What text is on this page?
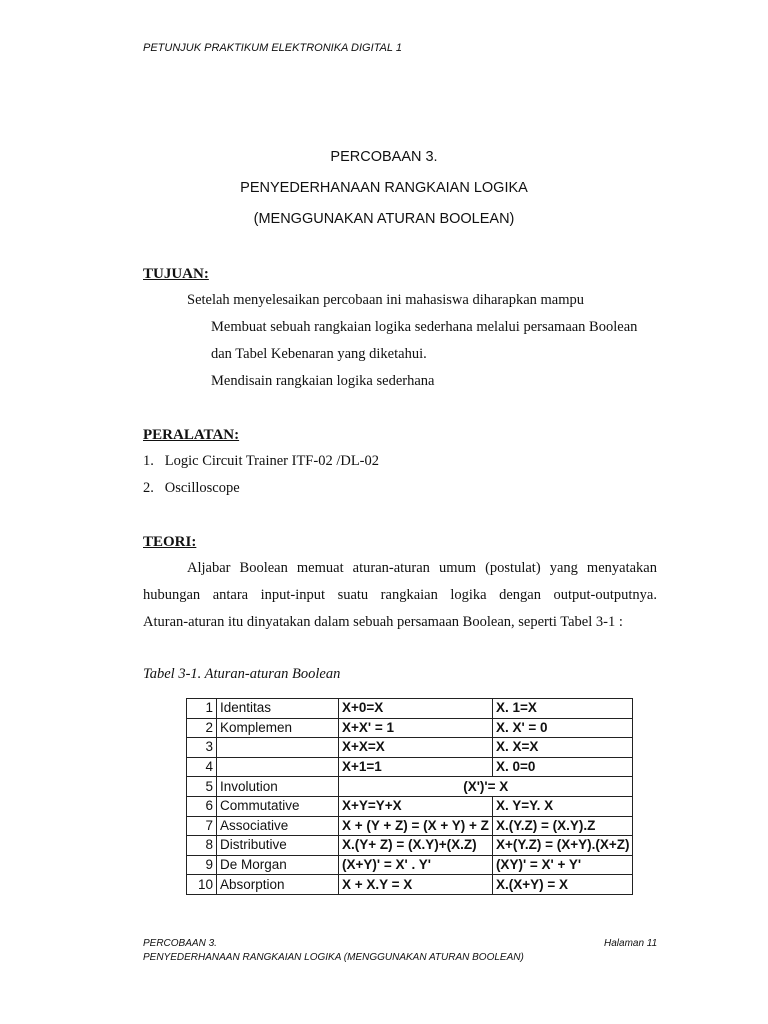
PETUNJUK PRAKTIKUM ELEKTRONIKA DIGITAL 1
PERCOBAAN 3.
PENYEDERHANAAN RANGKAIAN LOGIKA
(MENGGUNAKAN ATURAN BOOLEAN)
TUJUAN:
Setelah menyelesaikan percobaan ini mahasiswa diharapkan mampu
Membuat sebuah rangkaian logika sederhana melalui persamaan Boolean
dan Tabel Kebenaran yang diketahui.
Mendisain rangkaian logika sederhana
PERALATAN:
1.   Logic Circuit Trainer ITF-02 /DL-02
2.   Oscilloscope
TEORI:
Aljabar Boolean memuat aturan-aturan umum (postulat) yang menyatakan
hubungan antara input-input suatu rangkaian logika dengan output-outputnya.
Aturan-aturan itu dinyatakan dalam sebuah persamaan Boolean, seperti Tabel 3-1 :
Tabel 3-1. Aturan-aturan Boolean
1	Identitas	X+0=X	X. 1=X
2	Komplemen	X+X' = 1	X. X' = 0
3		X+X=X	X. X=X
4		X+1=1	X. 0=0
5	Involution	(X')'= X	
6	Commutative	X+Y=Y+X	X. Y=Y. X
7	Associative	X + (Y + Z) = (X + Y) + Z	X.(Y.Z) = (X.Y).Z
8	Distributive	X.(Y+ Z) = (X.Y)+(X.Z)	X+(Y.Z) = (X+Y).(X+Z)
9	De Morgan	(X+Y)' = X' . Y'	(XY)' = X' + Y'
10	Absorption	X + X.Y = X	X.(X+Y) = X
PERCOBAAN 3.
PENYEDERHANAAN RANGKAIAN LOGIKA (MENGGUNAKAN ATURAN BOOLEAN)
Halaman 11
